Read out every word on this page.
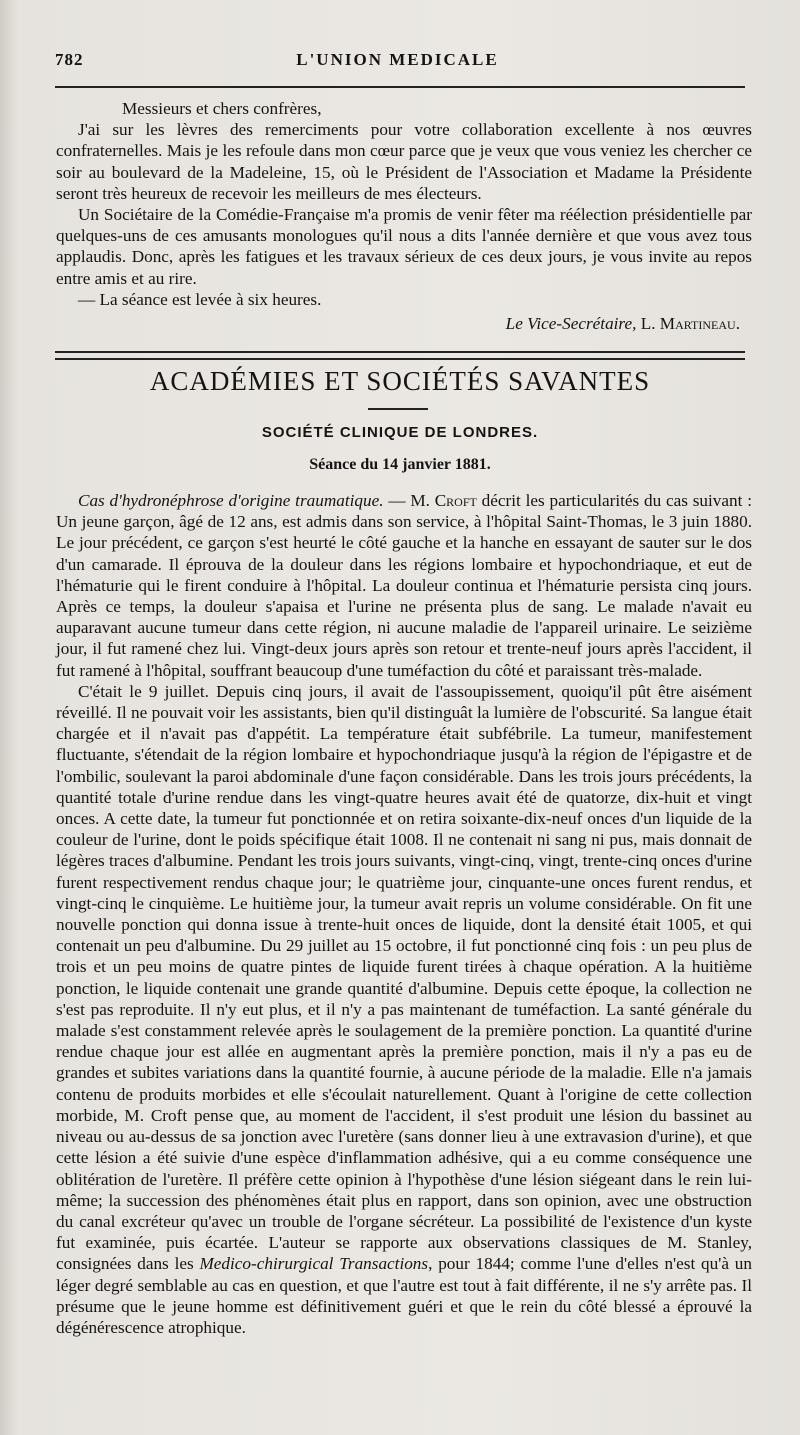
782	L'UNION MEDICALE

Messieurs et chers confrères,

J'ai sur les lèvres des remerciments pour votre collaboration excellente à nos œuvres confraternelles. Mais je les refoule dans mon cœur parce que je veux que vous veniez les chercher ce soir au boulevard de la Madeleine, 15, où le Président de l'Association et Madame la Présidente seront très heureux de recevoir les meilleurs de mes électeurs.

Un Sociétaire de la Comédie-Française m'a promis de venir fêter ma réélection présidentielle par quelques-uns de ces amusants monologues qu'il nous a dits l'année dernière et que vous avez tous applaudis. Donc, après les fatigues et les travaux sérieux de ces deux jours, je vous invite au repos entre amis et au rire.

— La séance est levée à six heures.

Le Vice-Secrétaire, L. Martineau.

ACADÉMIES ET SOCIÉTÉS SAVANTES
SOCIÉTÉ CLINIQUE DE LONDRES.
Séance du 14 janvier 1881.

Cas d'hydronéphrose d'origine traumatique. — M. Croft décrit les particularités du cas suivant : Un jeune garçon, âgé de 12 ans, est admis dans son service, à l'hôpital Saint-Thomas, le 3 juin 1880. Le jour précédent, ce garçon s'est heurté le côté gauche et la hanche en essayant de sauter sur le dos d'un camarade. Il éprouva de la douleur dans les régions lombaire et hypochondriaque, et eut de l'hématurie qui le firent conduire à l'hôpital. La douleur continua et l'hématurie persista cinq jours. Après ce temps, la douleur s'apaisa et l'urine ne présenta plus de sang. Le malade n'avait eu auparavant aucune tumeur dans cette région, ni aucune maladie de l'appareil urinaire. Le seizième jour, il fut ramené chez lui. Vingt-deux jours après son retour et trente-neuf jours après l'accident, il fut ramené à l'hôpital, souffrant beaucoup d'une tuméfaction du côté et paraissant très-malade.

C'était le 9 juillet. Depuis cinq jours, il avait de l'assoupissement, quoiqu'il pût être aisément réveillé. Il ne pouvait voir les assistants, bien qu'il distinguât la lumière de l'obscurité. Sa langue était chargée et il n'avait pas d'appétit. La température était subfébrile. La tumeur, manifestement fluctuante, s'étendait de la région lombaire et hypochondriaque jusqu'à la région de l'épigastre et de l'ombilic, soulevant la paroi abdominale d'une façon considérable. Dans les trois jours précédents, la quantité totale d'urine rendue dans les vingt-quatre heures avait été de quatorze, dix-huit et vingt onces. A cette date, la tumeur fut ponctionnée et on retira soixante-dix-neuf onces d'un liquide de la couleur de l'urine, dont le poids spécifique était 1008. Il ne contenait ni sang ni pus, mais donnait de légères traces d'albumine. Pendant les trois jours suivants, vingt-cinq, vingt, trente-cinq onces d'urine furent respectivement rendus chaque jour; le quatrième jour, cinquante-une onces furent rendus, et vingt-cinq le cinquième. Le huitième jour, la tumeur avait repris un volume considérable. On fit une nouvelle ponction qui donna issue à trente-huit onces de liquide, dont la densité était 1005, et qui contenait un peu d'albumine. Du 29 juillet au 15 octobre, il fut ponctionné cinq fois : un peu plus de trois et un peu moins de quatre pintes de liquide furent tirées à chaque opération. A la huitième ponction, le liquide contenait une grande quantité d'albumine. Depuis cette époque, la collection ne s'est pas reproduite. Il n'y eut plus, et il n'y a pas maintenant de tuméfaction. La santé générale du malade s'est constamment relevée après le soulagement de la première ponction. La quantité d'urine rendue chaque jour est allée en augmentant après la première ponction, mais il n'y a pas eu de grandes et subites variations dans la quantité fournie, à aucune période de la maladie. Elle n'a jamais contenu de produits morbides et elle s'écoulait naturellement. Quant à l'origine de cette collection morbide, M. Croft pense que, au moment de l'accident, il s'est produit une lésion du bassinet au niveau ou au-dessus de sa jonction avec l'uretère (sans donner lieu à une extravasion d'urine), et que cette lésion a été suivie d'une espèce d'inflammation adhésive, qui a eu comme conséquence une oblitération de l'uretère. Il préfère cette opinion à l'hypothèse d'une lésion siégeant dans le rein lui-même; la succession des phénomènes était plus en rapport, dans son opinion, avec une obstruction du canal excréteur qu'avec un trouble de l'organe sécréteur. La possibilité de l'existence d'un kyste fut examinée, puis écartée. L'auteur se rapporte aux observations classiques de M. Stanley, consignées dans les Medico-chirurgical Transactions, pour 1844; comme l'une d'elles n'est qu'à un léger degré semblable au cas en question, et que l'autre est tout à fait différente, il ne s'y arrête pas. Il présume que le jeune homme est définitivement guéri et que le rein du côté blessé a éprouvé la dégénérescence atrophique.
